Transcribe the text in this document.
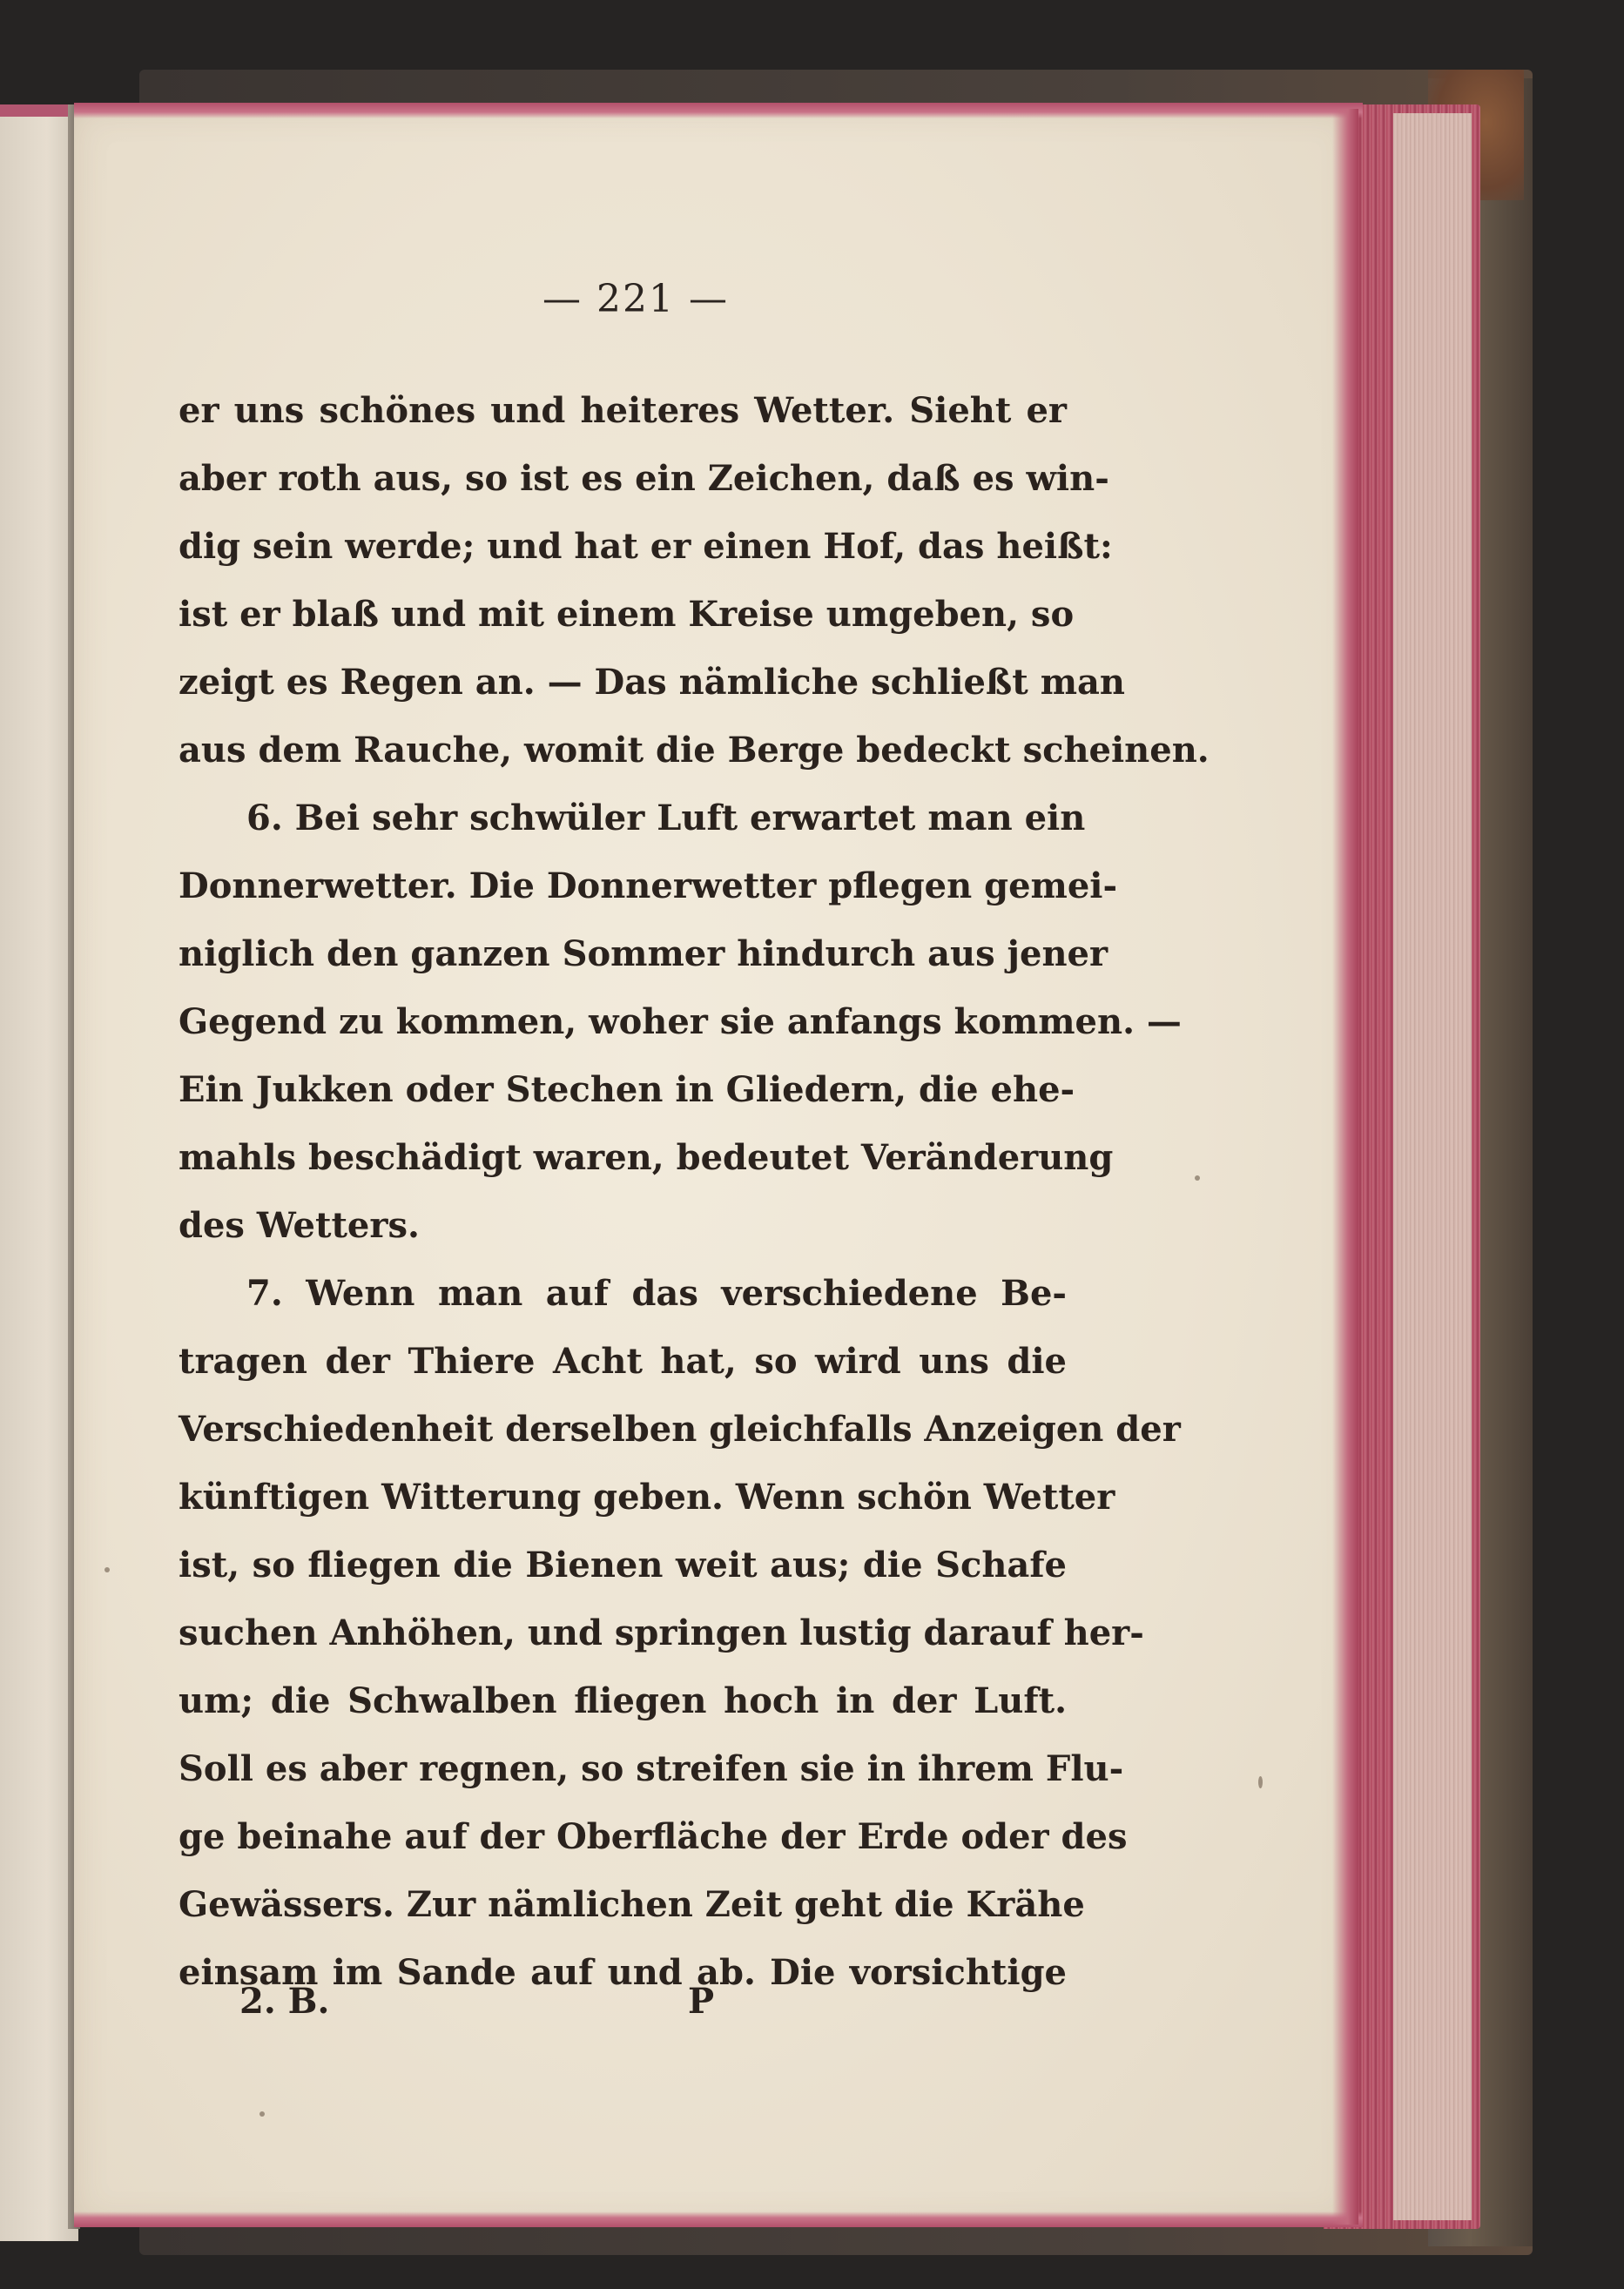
— 221 —
er uns schönes und heiteres Wetter. Sieht er
aber roth aus, so ist es ein Zeichen, daß es win-
dig sein werde; und hat er einen Hof, das heißt:
ist er blaß und mit einem Kreise umgeben, so
zeigt es Regen an. — Das nämliche schließt man
aus dem Rauche, womit die Berge bedeckt scheinen.
6. Bei sehr schwüler Luft erwartet man ein
Donnerwetter. Die Donnerwetter pflegen gemei-
niglich den ganzen Sommer hindurch aus jener
Gegend zu kommen, woher sie anfangs kommen. —
Ein Jukken oder Stechen in Gliedern, die ehe-
mahls beschädigt waren, bedeutet Veränderung
des Wetters.
7. Wenn man auf das verschiedene Be-
tragen der Thiere Acht hat, so wird uns die
Verschiedenheit derselben gleichfalls Anzeigen der
künftigen Witterung geben. Wenn schön Wetter
ist, so fliegen die Bienen weit aus; die Schafe
suchen Anhöhen, und springen lustig darauf her-
um; die Schwalben fliegen hoch in der Luft.
Soll es aber regnen, so streifen sie in ihrem Flu-
ge beinahe auf der Oberfläche der Erde oder des
Gewässers. Zur nämlichen Zeit geht die Krähe
einsam im Sande auf und ab. Die vorsichtige
2. B.	P
